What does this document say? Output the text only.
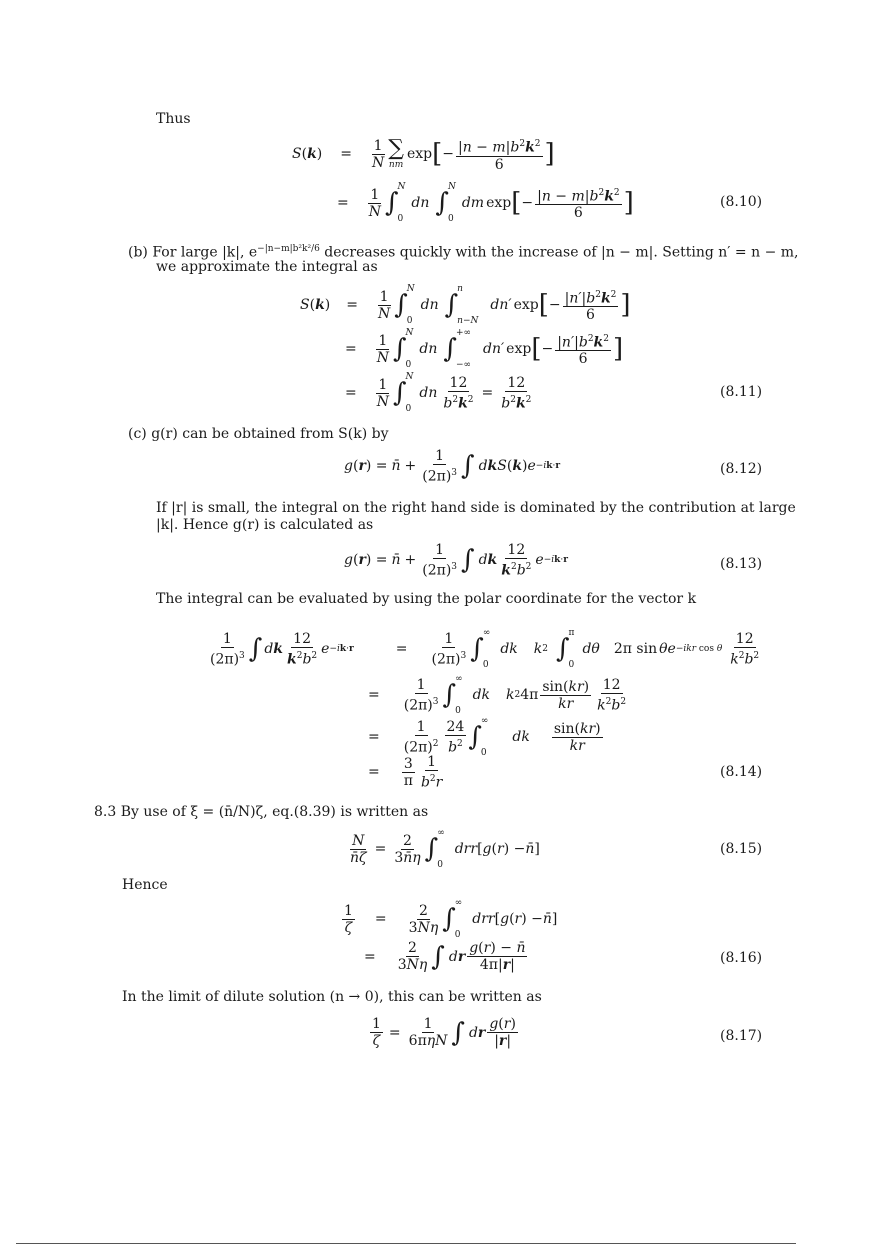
Thus
S ( k ) = $\frac{1}{N}$ ∑
nm
exp [ − $\frac{|n - m|b^2k^2}{6}$ ]
= $\frac{1}{N}$ ∫
N
0
dn ∫
N
0
dm exp [ − $\frac{|n - m|b^2k^2}{6}$ ]	(8.10)
(b) For large |k|, $e^{-|n-m|b^2k^2/6}$ decreases quickly with the increase of |n − m|. Setting n′ = n − m,
we approximate the integral as
S ( k ) = $\frac{1}{N}$ ∫
N
0
dn ∫
n
n−N
dn′ exp [ − $\frac{|n'|b^2k^2}{6}$ ]
= $\frac{1}{N}$ ∫
N
0
dn ∫
+∞
−∞
dn′ exp [ − $\frac{|n'|b^2k^2}{6}$ ]
= $\frac{1}{N}$ ∫
N
0
dn $\frac{12}{b^2k^2} = \frac{12}{b^2k^2}$	(8.11)
(c) g(r) can be obtained from S(k) by
g ( r ) = n̄ + $\frac{1}{(2\pi)^3}$ ∫ d k S ( k ) e −ik·r	(8.12)
If |r| is small, the integral on the right hand side is dominated by the contribution at large
|k|. Hence g(r) is calculated as
g ( r ) = n̄ + $\frac{1}{(2\pi)^3}$ ∫ d k $\frac{12}{k^2b^2}$ e −ik·r	(8.13)
The integral can be evaluated by using the polar coordinate for the vector k
$\frac{1}{(2\pi)^3}$ ∫ d k $\frac{12}{k^2b^2}$ e −ik·r	= $\frac{1}{(2\pi)^3}$ ∫
∞
0
dk k 2 ∫
π
0
dθ 2π sin θe −ikr cos θ $\frac{12}{k^2b^2}$
= $\frac{1}{(2\pi)^3}$ ∫
∞
0
dk k 2 $4\pi \frac{\sin(kr)}{kr} \frac{12}{k^2b^2}$
= $\frac{1}{(2\pi)^2} \frac{24}{b^2}$ ∫
∞
0
dk $\frac{\sin(kr)}{kr}$
= $\frac{3}{\pi} \frac{1}{b^2r}$	(8.14)
8.3 By use of ξ = (n̄/N)ζ, eq.(8.39) is written as
$\frac{N}{n̄\zeta} = \frac{2}{3n̄\eta}$ ∫
∞
0
drr [ g ( r ) − n̄ ]	(8.15)
Hence
$\frac{1}{\zeta} = \frac{2}{3N\eta}$ ∫
∞
0
drr [ g ( r ) − n̄ ]
= $\frac{2}{3N\eta}$ ∫ d r $\frac{g(r) - n̄}{4\pi|r|}$	(8.16)
In the limit of dilute solution (n → 0), this can be written as
$\frac{1}{\zeta} = \frac{1}{\text{6πηN}}$ ∫ d r $\frac{g(r)}{|r|}$	(8.17)
